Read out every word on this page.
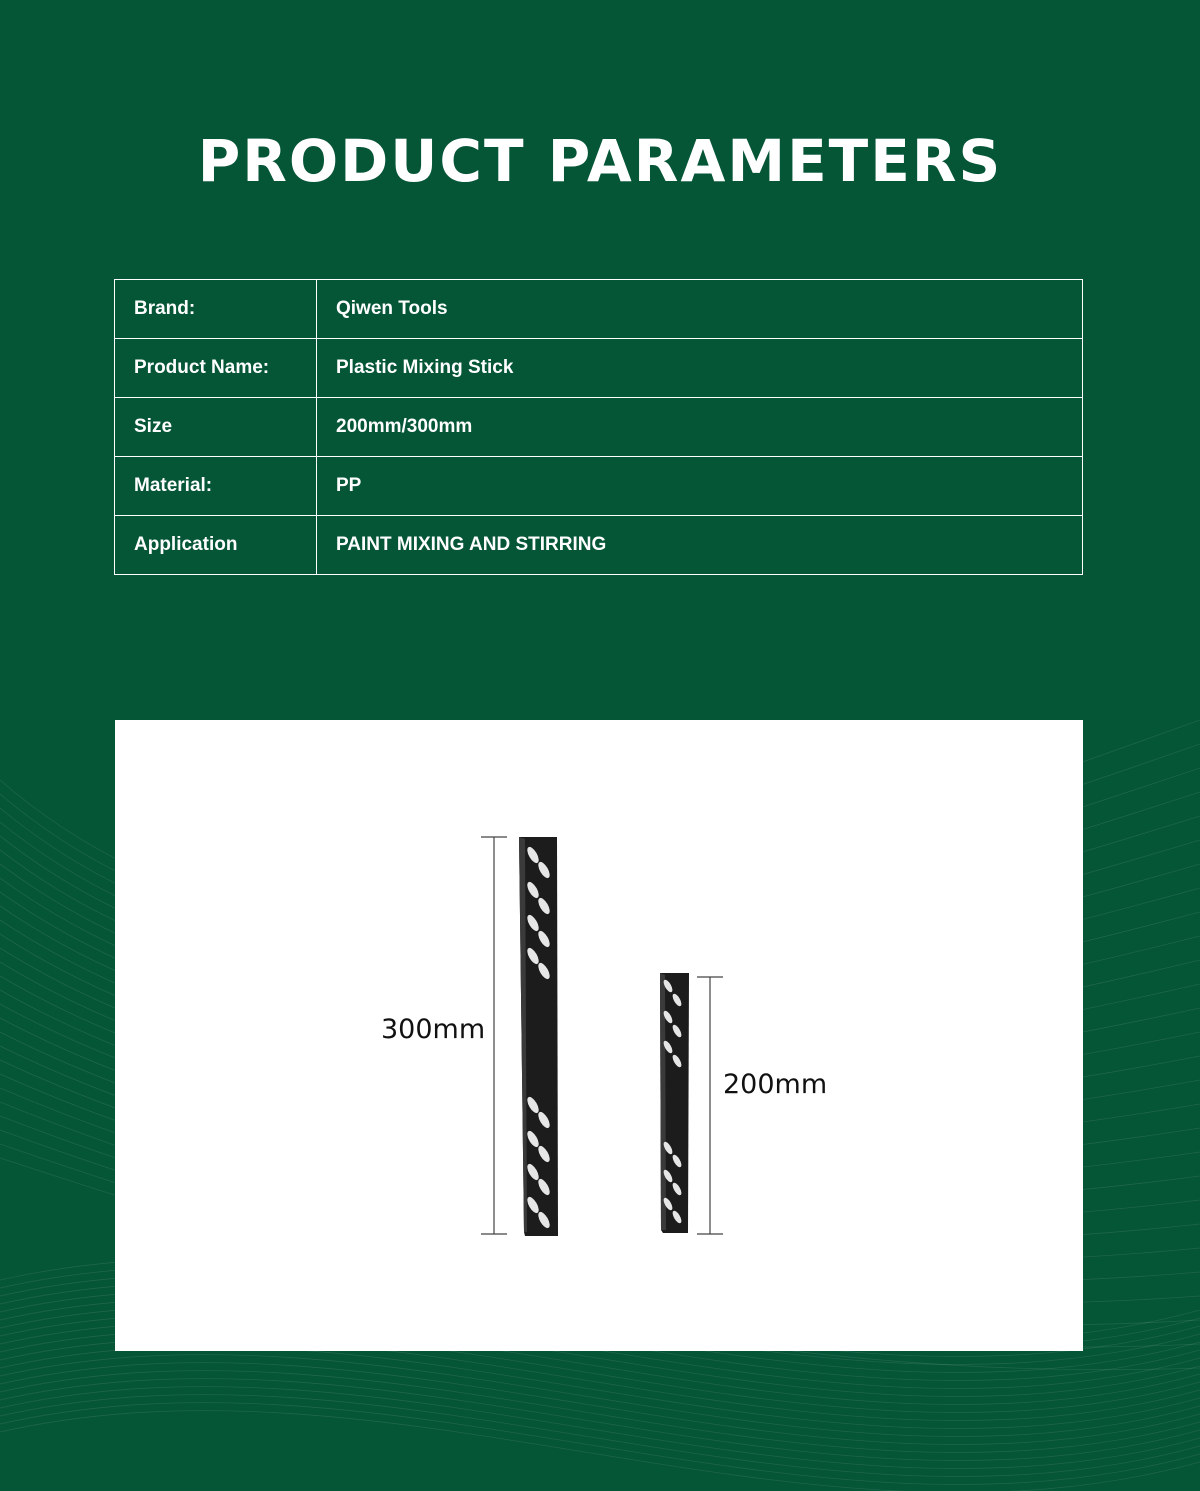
PRODUCT PARAMETERS
Brand:	Qiwen Tools
Product Name:	Plastic Mixing Stick
Size	200mm/300mm
Material:	PP
Application	PAINT MIXING AND STIRRING
300mm
200mm
